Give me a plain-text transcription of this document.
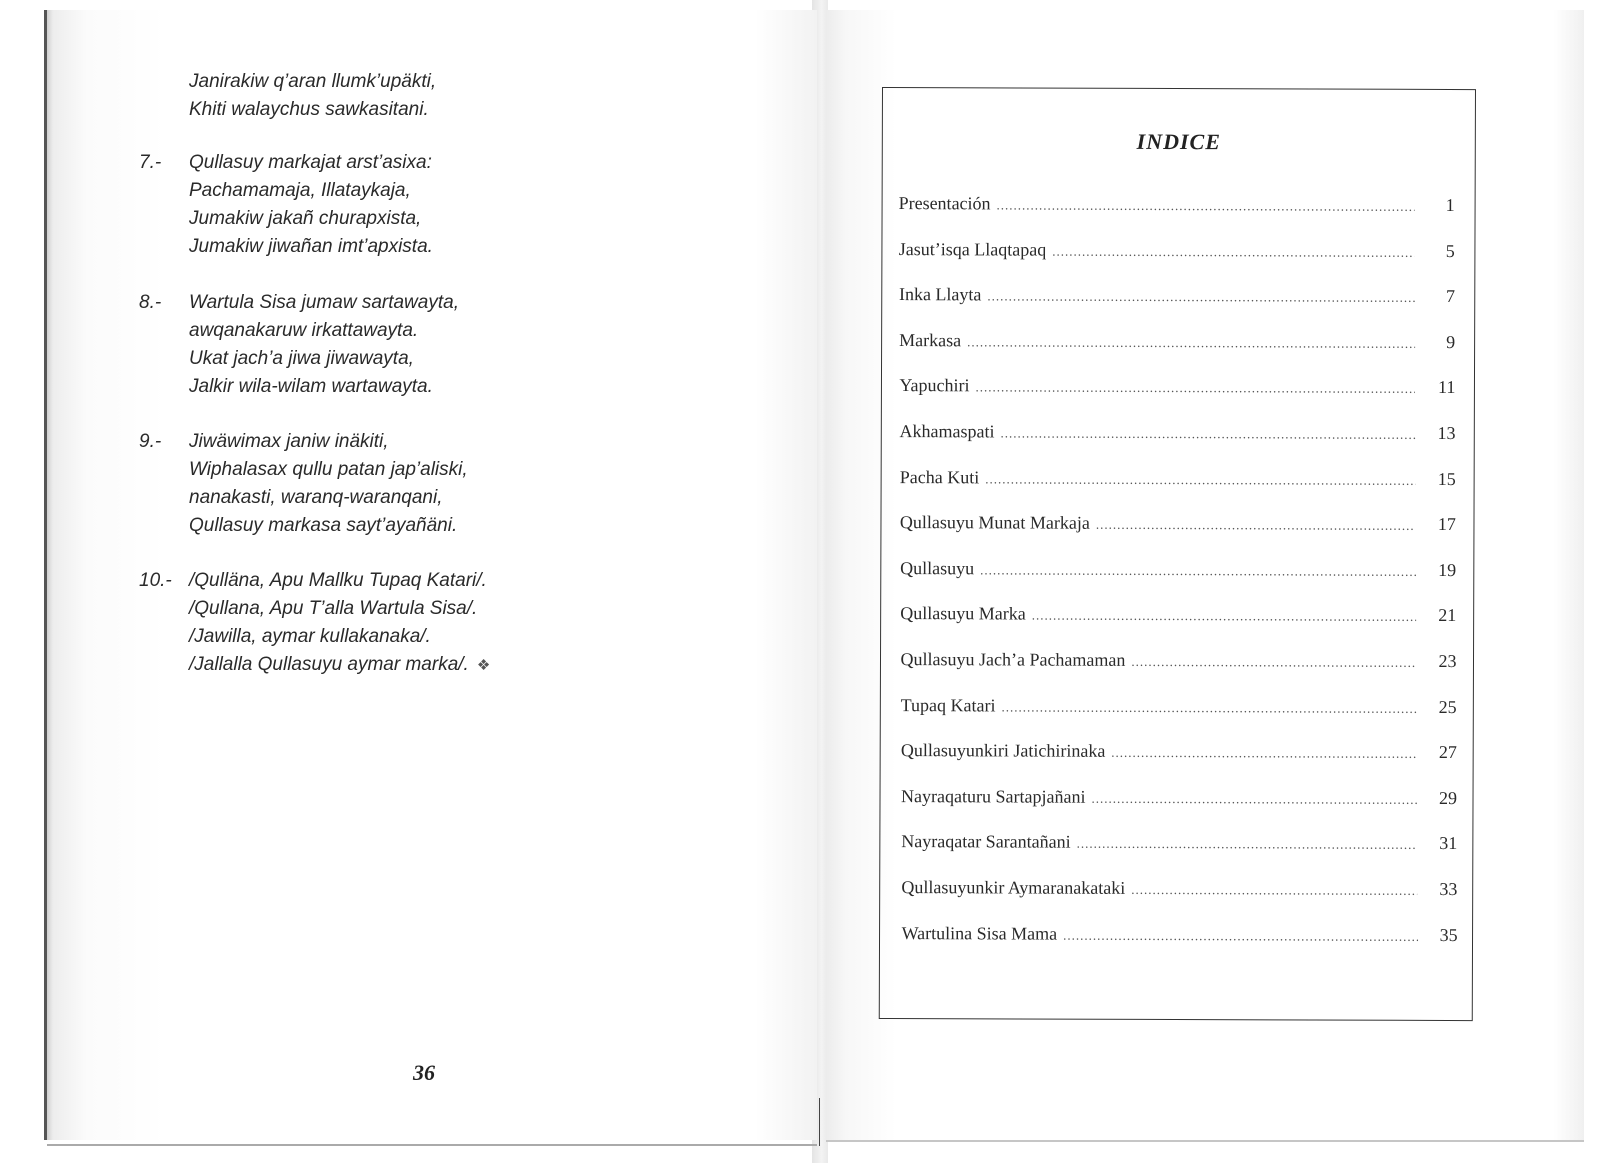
Janirakiw q’aran llumk’upäkti,
Khiti walaychus sawkasitani.
7.-	Qullasuy markajat arst’asixa:
Pachamamaja, Illataykaja,
Jumakiw jakañ churapxista,
Jumakiw jiwañan imt’apxista.
8.-	Wartula Sisa jumaw sartawayta,
awqanakaruw irkattawayta.
Ukat jach’a jiwa jiwawayta,
Jalkir wila-wilam wartawayta.
9.-	Jiwäwimax janiw inäkiti,
Wiphalasax qullu patan jap’aliski,
nanakasti, waranq-waranqani,
Qullasuy markasa sayt’ayañäni.
10.- /Qulläna, Apu Mallku Tupaq Katari/.
/Qullana, Apu T’alla Wartula Sisa/.
/Jawilla, aymar kullakanaka/.
/Jallalla Qullasuyu aymar marka/. ❖
36
INDICE
Presentación .....	1
Jasut’isqa Llaqtapaq .....	5
Inka Llayta .....	7
Markasa .....	9
Yapuchiri .....	11
Akhamaspati .....	13
Pacha Kuti .....	15
Qullasuyu Munat Markaja .....	17
Qullasuyu .....	19
Qullasuyu Marka .....	21
Qullasuyu Jach’a Pachamaman .....	23
Tupaq Katari .....	25
Qullasuyunkiri Jatichirinaka .....	27
Nayraqaturu Sartapjañani .....	29
Nayraqatar Sarantañani .....	31
Qullasuyunkir Aymaranakataki .....	33
Wartulina Sisa Mama .....	35
